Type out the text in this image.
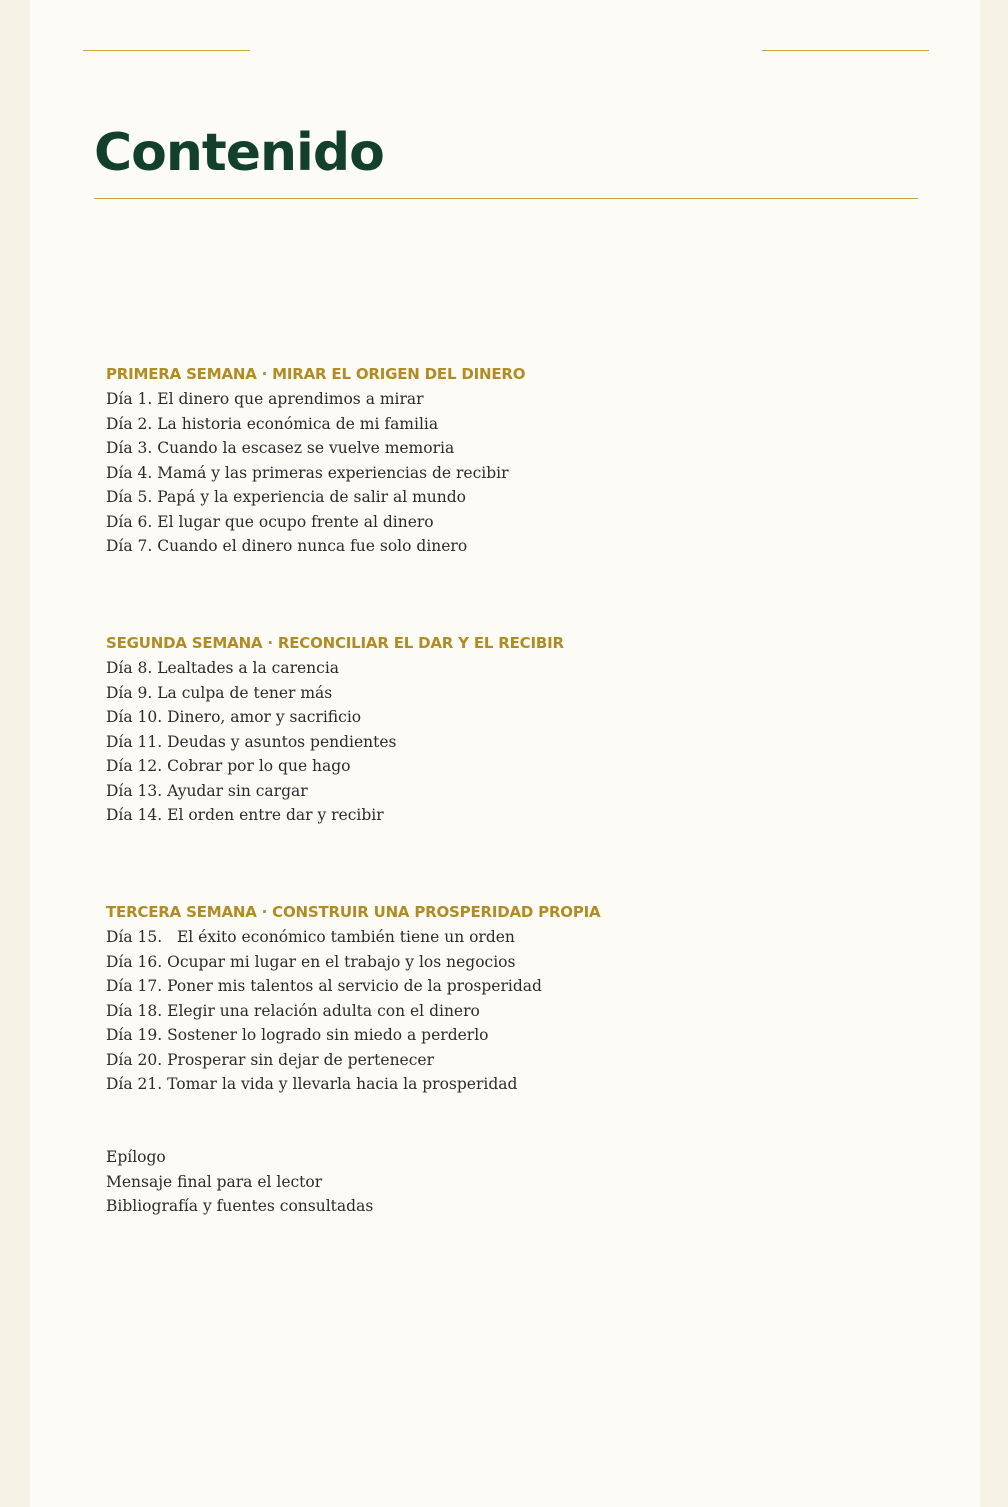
Contenido
PRIMERA SEMANA · MIRAR EL ORIGEN DEL DINERO
Día 1. El dinero que aprendimos a mirar
Día 2. La historia económica de mi familia
Día 3. Cuando la escasez se vuelve memoria
Día 4. Mamá y las primeras experiencias de recibir
Día 5. Papá y la experiencia de salir al mundo
Día 6. El lugar que ocupo frente al dinero
Día 7. Cuando el dinero nunca fue solo dinero
SEGUNDA SEMANA · RECONCILIAR EL DAR Y EL RECIBIR
Día 8. Lealtades a la carencia
Día 9. La culpa de tener más
Día 10. Dinero, amor y sacrificio
Día 11. Deudas y asuntos pendientes
Día 12. Cobrar por lo que hago
Día 13. Ayudar sin cargar
Día 14. El orden entre dar y recibir
TERCERA SEMANA · CONSTRUIR UNA PROSPERIDAD PROPIA
Día 15.   El éxito económico también tiene un orden
Día 16. Ocupar mi lugar en el trabajo y los negocios
Día 17. Poner mis talentos al servicio de la prosperidad
Día 18. Elegir una relación adulta con el dinero
Día 19. Sostener lo logrado sin miedo a perderlo
Día 20. Prosperar sin dejar de pertenecer
Día 21. Tomar la vida y llevarla hacia la prosperidad
Epílogo
Mensaje final para el lector
Bibliografía y fuentes consultadas
